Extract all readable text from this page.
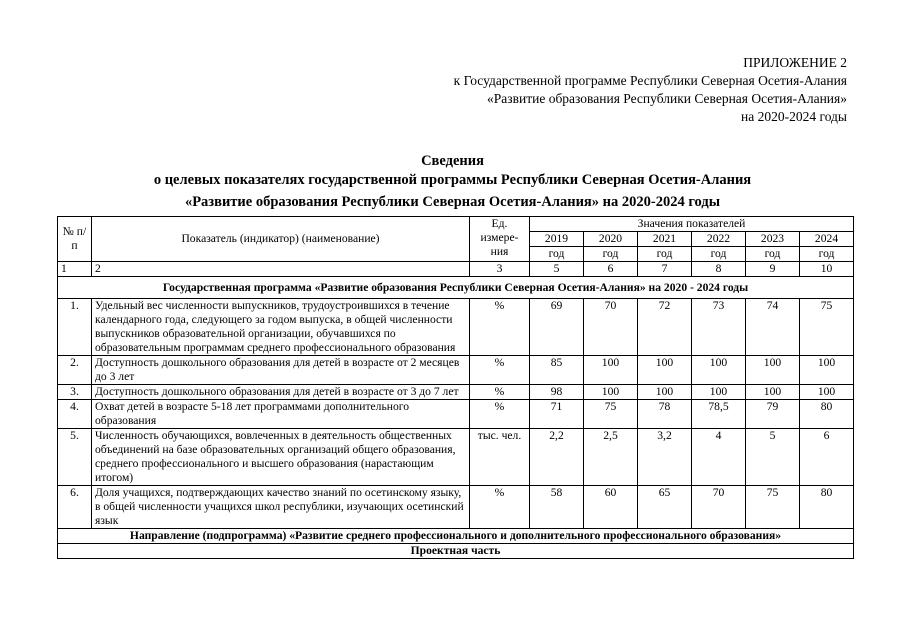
ПРИЛОЖЕНИЕ 2
к Государственной программе Республики Северная Осетия-Алания
«Развитие образования Республики Северная Осетия-Алания»
на 2020-2024 годы
Сведения
о целевых показателях государственной программы Республики Северная Осетия-Алания
«Развитие образования Республики Северная Осетия-Алания» на 2020-2024 годы
№ п/п	Показатель (индикатор) (наименование)	Ед. измере-ния	Значения показателей					
			2019	2020	2021	2022	2023	2024
			год	год	год	год	год	год
1	2	3	5	6	7	8	9	10
Государственная программа «Развитие образования Республики Северная Осетия-Алания» на 2020 - 2024 годы								
1.	Удельный вес численности выпускников, трудоустроившихся в течение календарного года, следующего за годом выпуска, в общей численности выпускников образовательной организации, обучавшихся по образовательным программам среднего профессионального образования	%	69	70	72	73	74	75
2.	Доступность дошкольного образования для детей в возрасте от 2 месяцев до 3 лет	%	85	100	100	100	100	100
3.	Доступность дошкольного образования для детей в возрасте от 3 до 7 лет	%	98	100	100	100	100	100
4.	Охват детей в возрасте 5-18 лет программами дополнительного образования	%	71	75	78	78,5	79	80
5.	Численность обучающихся, вовлеченных в деятельность общественных объединений на базе образовательных организаций общего образования, среднего профессионального и высшего образования (нарастающим итогом)	тыс. чел.	2,2	2,5	3,2	4	5	6
6.	Доля учащихся, подтверждающих качество знаний по осетинскому языку, в общей численности учащихся школ республики, изучающих осетинский язык	%	58	60	65	70	75	80
Направление (подпрограмма) «Развитие среднего профессионального и дополнительного профессионального образования»								
Проектная часть								
